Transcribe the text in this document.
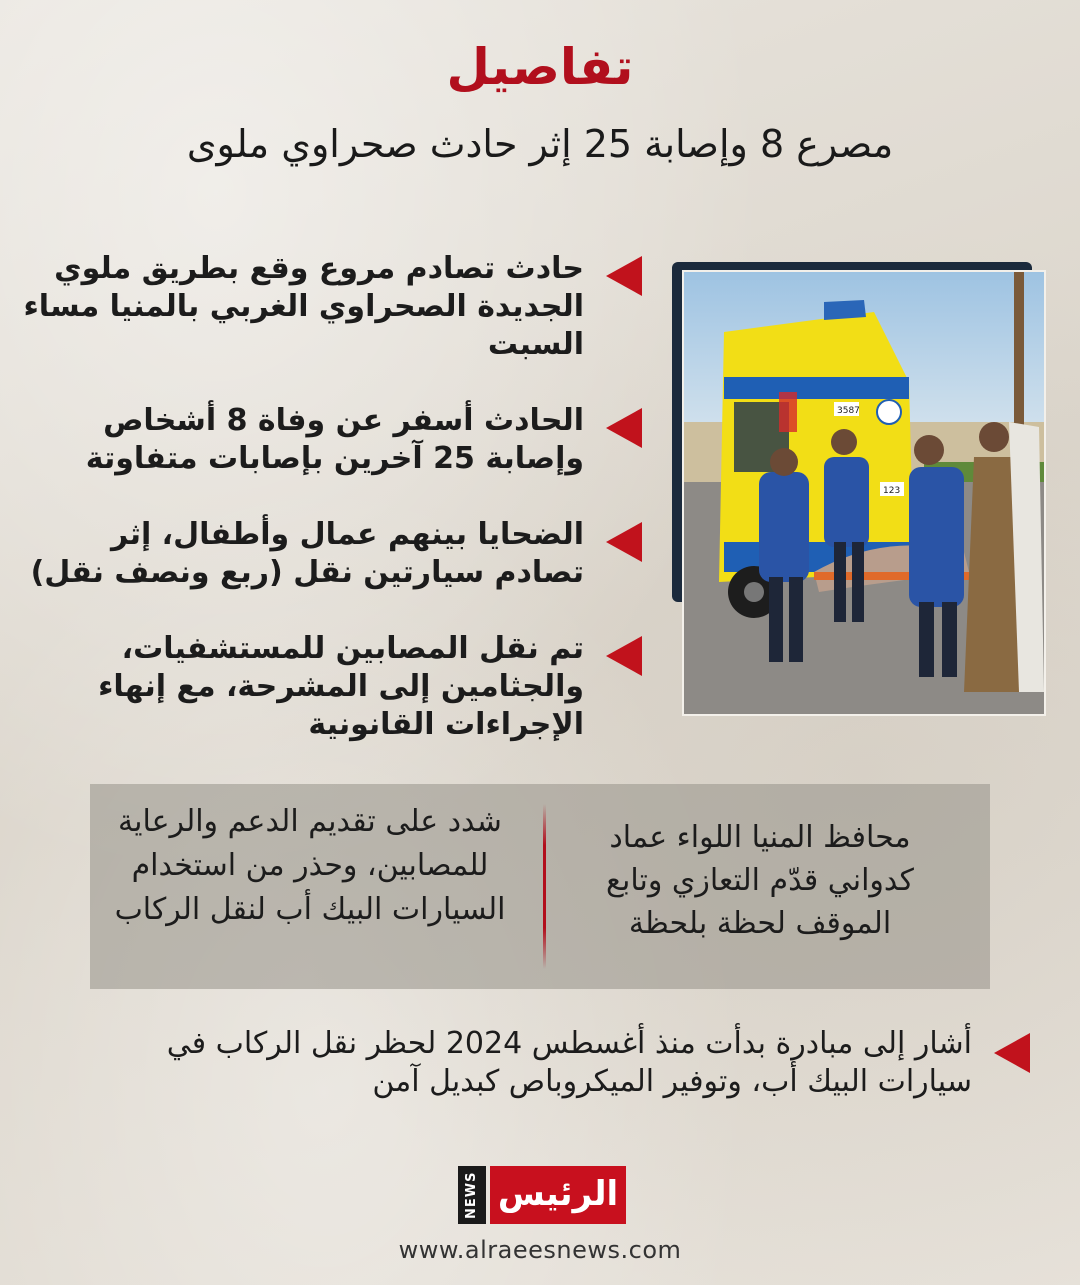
تفاصيل
مصرع 8 وإصابة 25 إثر حادث صحراوي ملوى
حادث تصادم مروع وقع بطريق ملوي الجديدة الصحراوي الغربي بالمنيا مساء السبت
الحادث أسفر عن وفاة 8 أشخاص وإصابة 25 آخرين بإصابات متفاوتة
الضحايا بينهم عمال وأطفال، إثر تصادم سيارتين نقل (ربع ونصف نقل)
تم نقل المصابين للمستشفيات، والجثامين إلى المشرحة، مع إنهاء الإجراءات القانونية
3587
123
محافظ المنيا اللواء عماد كدواني قدّم التعازي وتابع الموقف لحظة بلحظة
شدد على تقديم الدعم والرعاية للمصابين، وحذر من استخدام السيارات البيك أب لنقل الركاب
أشار إلى مبادرة بدأت منذ أغسطس 2024 لحظر نقل الركاب في سيارات البيك أب، وتوفير الميكروباص كبديل آمن
NEWS الرئيس
www.alraeesnews.com
